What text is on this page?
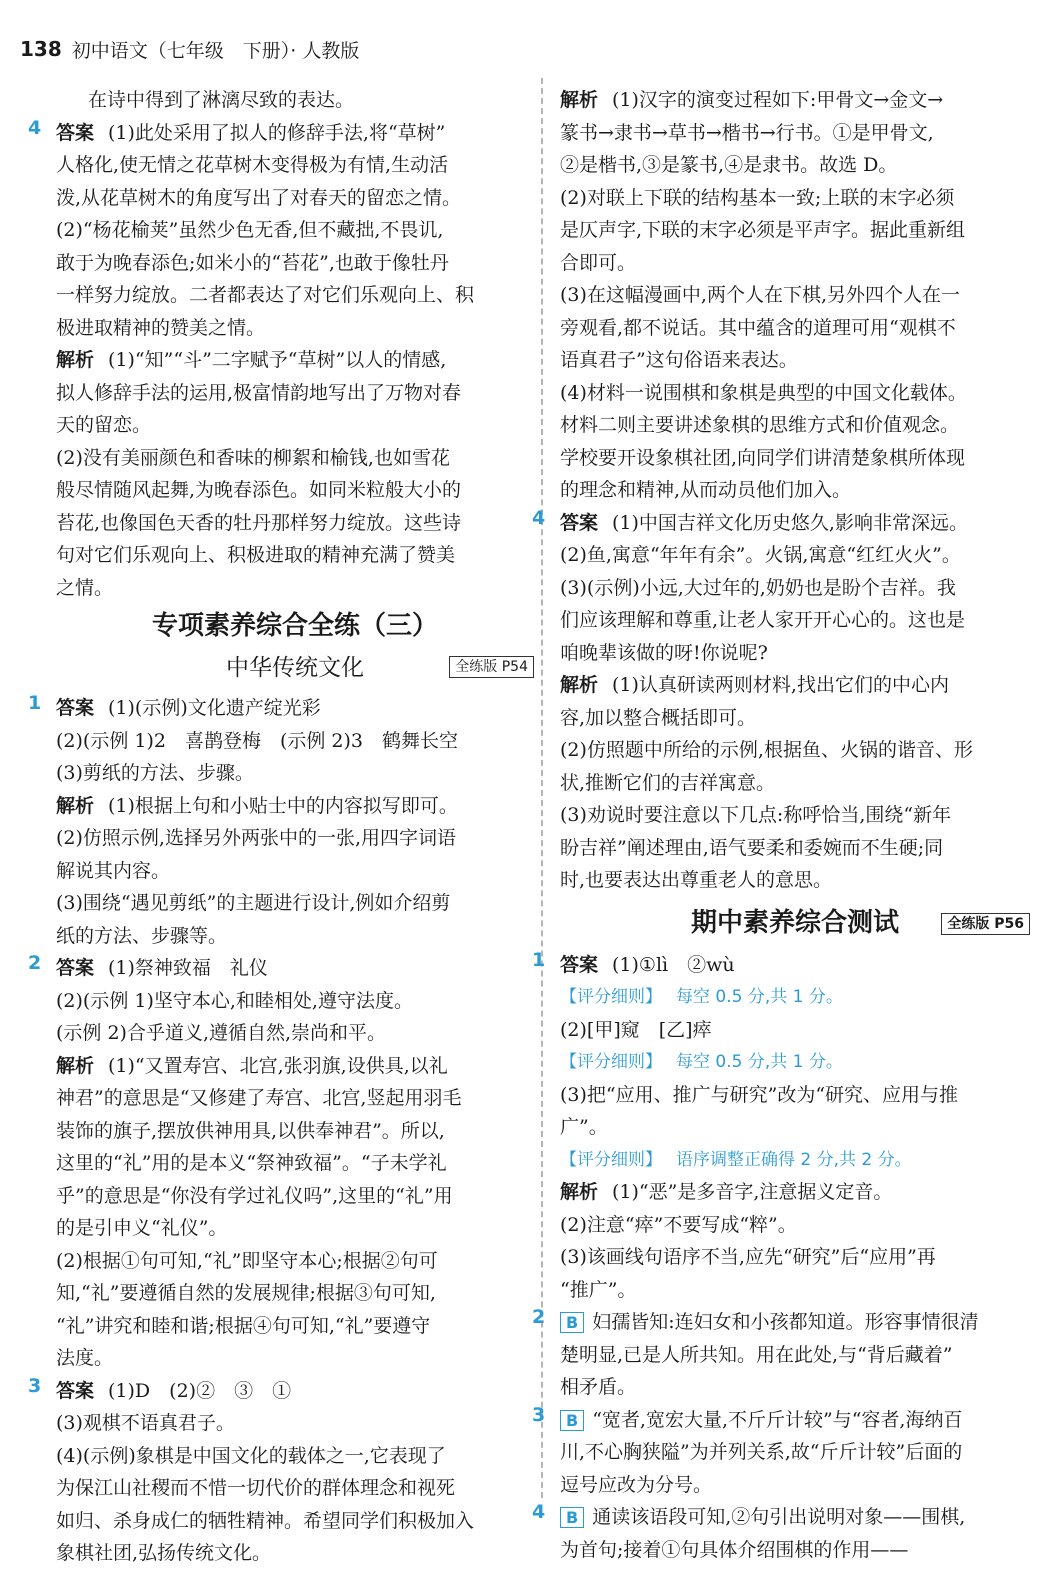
138 初中语文（七年级　下册）· 人教版
在诗中得到了淋漓尽致的表达。
4 答案 (1)此处采用了拟人的修辞手法,将“草树”
人格化,使无情之花草树木变得极为有情,生动活
泼,从花草树木的角度写出了对春天的留恋之情。
(2)“杨花榆荚”虽然少色无香,但不藏拙,不畏讥,
敢于为晚春添色;如米小的“苔花”,也敢于像牡丹
一样努力绽放。二者都表达了对它们乐观向上、积
极进取精神的赞美之情。
解析 (1)“知”“斗”二字赋予“草树”以人的情感,
拟人修辞手法的运用,极富情韵地写出了万物对春
天的留恋。
(2)没有美丽颜色和香味的柳絮和榆钱,也如雪花
般尽情随风起舞,为晚春添色。如同米粒般大小的
苔花,也像国色天香的牡丹那样努力绽放。这些诗
句对它们乐观向上、积极进取的精神充满了赞美
之情。
专项素养综合全练（三）
中华传统文化	全练版 P54
1 答案 (1)(示例)文化遗产绽光彩
(2)(示例 1)2　喜鹊登梅　(示例 2)3　鹤舞长空
(3)剪纸的方法、步骤。
解析 (1)根据上句和小贴士中的内容拟写即可。
(2)仿照示例,选择另外两张中的一张,用四字词语
解说其内容。
(3)围绕“遇见剪纸”的主题进行设计,例如介绍剪
纸的方法、步骤等。
2 答案 (1)祭神致福　礼仪
(2)(示例 1)坚守本心,和睦相处,遵守法度。
(示例 2)合乎道义,遵循自然,崇尚和平。
解析 (1)“又置寿宫、北宫,张羽旗,设供具,以礼
神君”的意思是“又修建了寿宫、北宫,竖起用羽毛
装饰的旗子,摆放供神用具,以供奉神君”。所以,
这里的“礼”用的是本义“祭神致福”。“子未学礼
乎”的意思是“你没有学过礼仪吗”,这里的“礼”用
的是引申义“礼仪”。
(2)根据①句可知,“礼”即坚守本心;根据②句可
知,“礼”要遵循自然的发展规律;根据③句可知,
“礼”讲究和睦和谐;根据④句可知,“礼”要遵守
法度。
3 答案 (1)D　(2)②　③　①
(3)观棋不语真君子。
(4)(示例)象棋是中国文化的载体之一,它表现了
为保江山社稷而不惜一切代价的群体理念和视死
如归、杀身成仁的牺牲精神。希望同学们积极加入
象棋社团,弘扬传统文化。
解析 (1)汉字的演变过程如下:甲骨文→金文→
篆书→隶书→草书→楷书→行书。①是甲骨文,
②是楷书,③是篆书,④是隶书。故选 D。
(2)对联上下联的结构基本一致;上联的末字必须
是仄声字,下联的末字必须是平声字。据此重新组
合即可。
(3)在这幅漫画中,两个人在下棋,另外四个人在一
旁观看,都不说话。其中蕴含的道理可用“观棋不
语真君子”这句俗语来表达。
(4)材料一说围棋和象棋是典型的中国文化载体。
材料二则主要讲述象棋的思维方式和价值观念。
学校要开设象棋社团,向同学们讲清楚象棋所体现
的理念和精神,从而动员他们加入。
4 答案 (1)中国吉祥文化历史悠久,影响非常深远。
(2)鱼,寓意“年年有余”。火锅,寓意“红红火火”。
(3)(示例)小远,大过年的,奶奶也是盼个吉祥。我
们应该理解和尊重,让老人家开开心心的。这也是
咱晚辈该做的呀!你说呢?
解析 (1)认真研读两则材料,找出它们的中心内
容,加以整合概括即可。
(2)仿照题中所给的示例,根据鱼、火锅的谐音、形
状,推断它们的吉祥寓意。
(3)劝说时要注意以下几点:称呼恰当,围绕“新年
盼吉祥”阐述理由,语气要柔和委婉而不生硬;同
时,也要表达出尊重老人的意思。
期中素养综合测试	全练版 P56
1 答案 (1)①lì　②wù
【评分细则】 每空 0.5 分,共 1 分。
(2)[甲]窥　[乙]瘁
【评分细则】 每空 0.5 分,共 1 分。
(3)把“应用、推广与研究”改为“研究、应用与推
广”。
【评分细则】 语序调整正确得 2 分,共 2 分。
解析 (1)“恶”是多音字,注意据义定音。
(2)注意“瘁”不要写成“粹”。
(3)该画线句语序不当,应先“研究”后“应用”再
“推广”。
2	B 妇孺皆知:连妇女和小孩都知道。形容事情很清
楚明显,已是人所共知。用在此处,与“背后藏着”
相矛盾。
3	B “宽者,宽宏大量,不斤斤计较”与“容者,海纳百
川,不心胸狭隘”为并列关系,故“斤斤计较”后面的
逗号应改为分号。
4	B 通读该语段可知,②句引出说明对象——围棋,
为首句;接着①句具体介绍围棋的作用——
